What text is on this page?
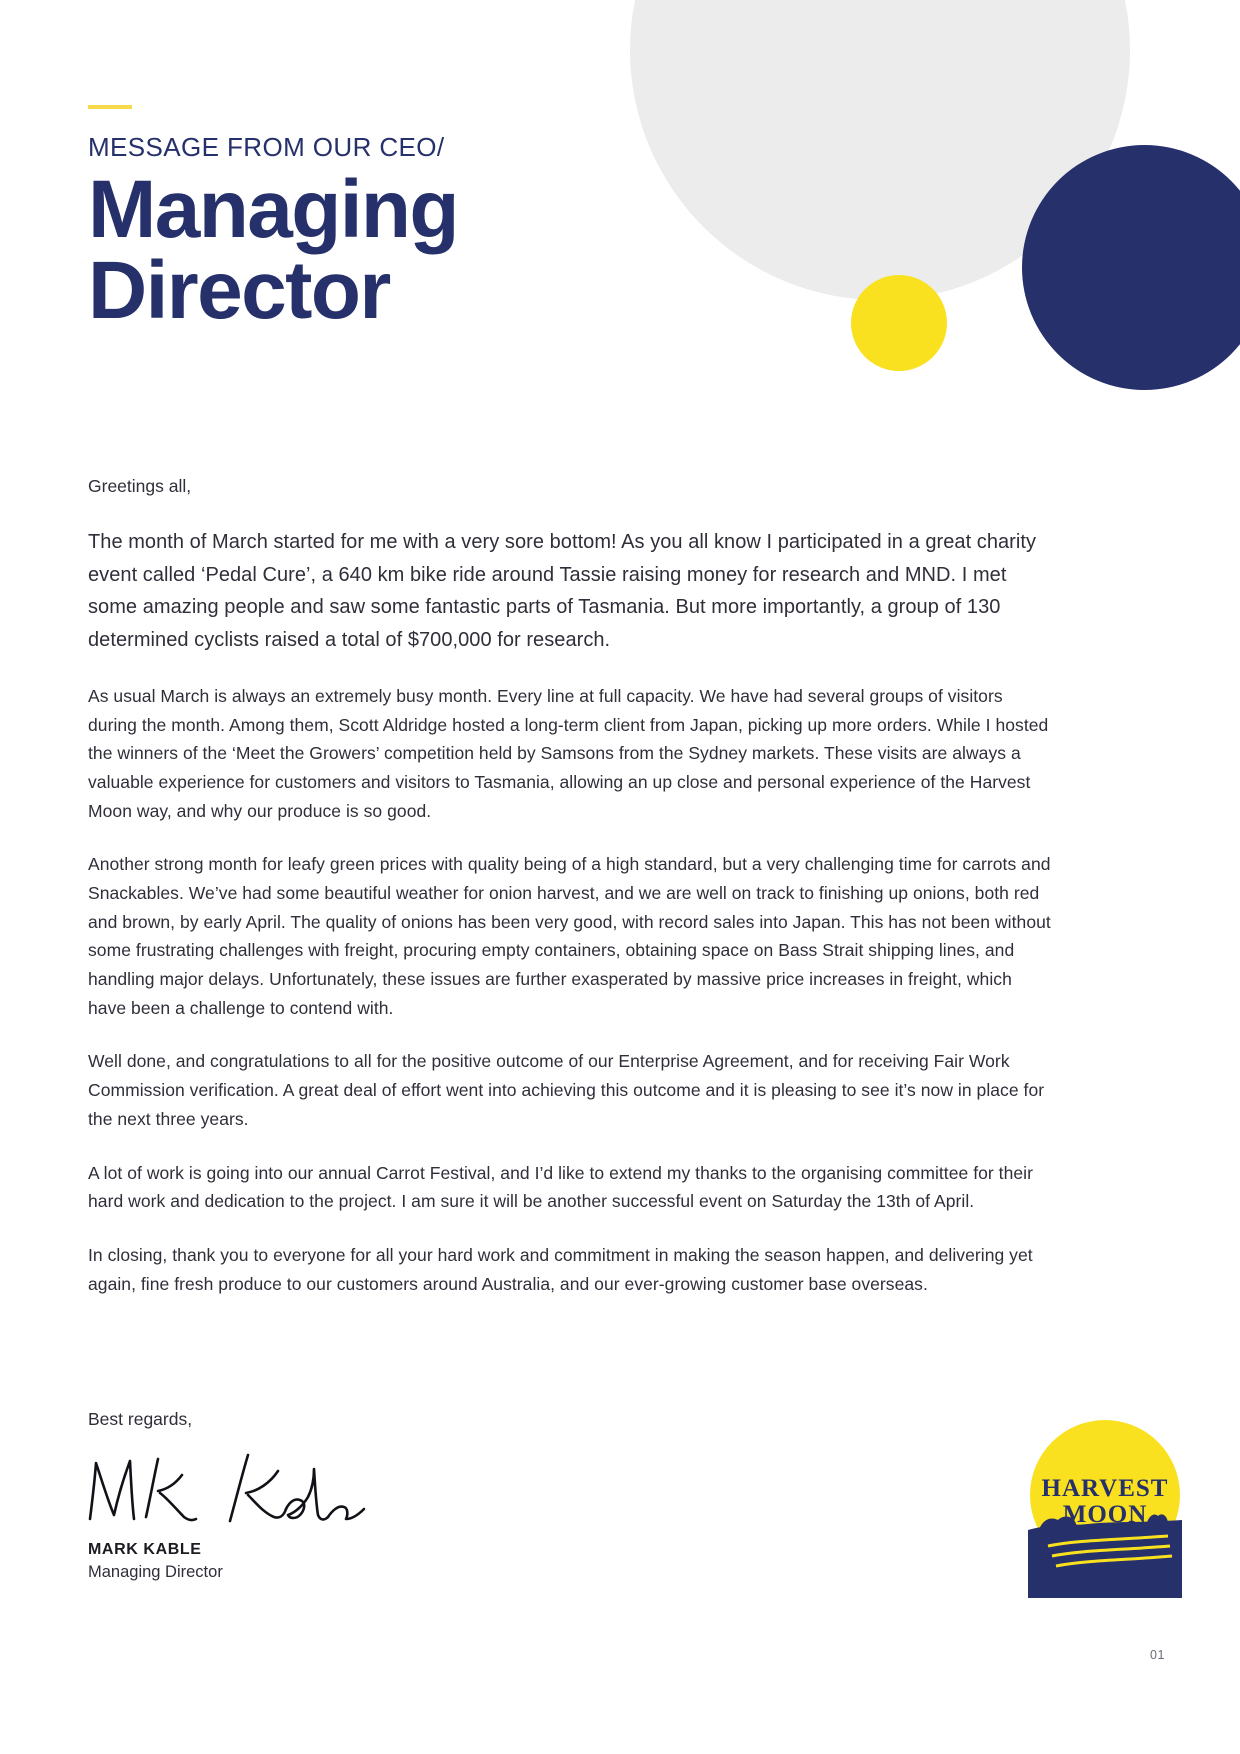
MESSAGE FROM OUR CEO/

Managing
Director

Greetings all,

The month of March started for me with a very sore bottom! As you all know I participated in a great charity event called ‘Pedal Cure’, a 640 km bike ride around Tassie raising money for research and MND. I met some amazing people and saw some fantastic parts of Tasmania. But more importantly, a group of 130 determined cyclists raised a total of $700,000 for research.

As usual March is always an extremely busy month. Every line at full capacity. We have had several groups of visitors during the month. Among them, Scott Aldridge hosted a long-term client from Japan, picking up more orders. While I hosted the winners of the ‘Meet the Growers’ competition held by Samsons from the Sydney markets. These visits are always a valuable experience for customers and visitors to Tasmania, allowing an up close and personal experience of the Harvest Moon way, and why our produce is so good.

Another strong month for leafy green prices with quality being of a high standard, but a very challenging time for carrots and Snackables. We’ve had some beautiful weather for onion harvest, and we are well on track to finishing up onions, both red and brown, by early April. The quality of onions has been very good, with record sales into Japan. This has not been without some frustrating challenges with freight, procuring empty containers, obtaining space on Bass Strait shipping lines, and handling major delays. Unfortunately, these issues are further exasperated by massive price increases in freight, which have been a challenge to contend with.

Well done, and congratulations to all for the positive outcome of our Enterprise Agreement, and for receiving Fair Work Commission verification. A great deal of effort went into achieving this outcome and it is pleasing to see it’s now in place for the next three years.

A lot of work is going into our annual Carrot Festival, and I’d like to extend my thanks to the organising committee for their hard work and dedication to the project. I am sure it will be another successful event on Saturday the 13th of April.

In closing, thank you to everyone for all your hard work and commitment in making the season happen, and delivering yet again, fine fresh produce to our customers around Australia, and our ever-growing customer base overseas.

Best regards,

MARK KABLE

Managing Director

HARVEST
MOON
01
